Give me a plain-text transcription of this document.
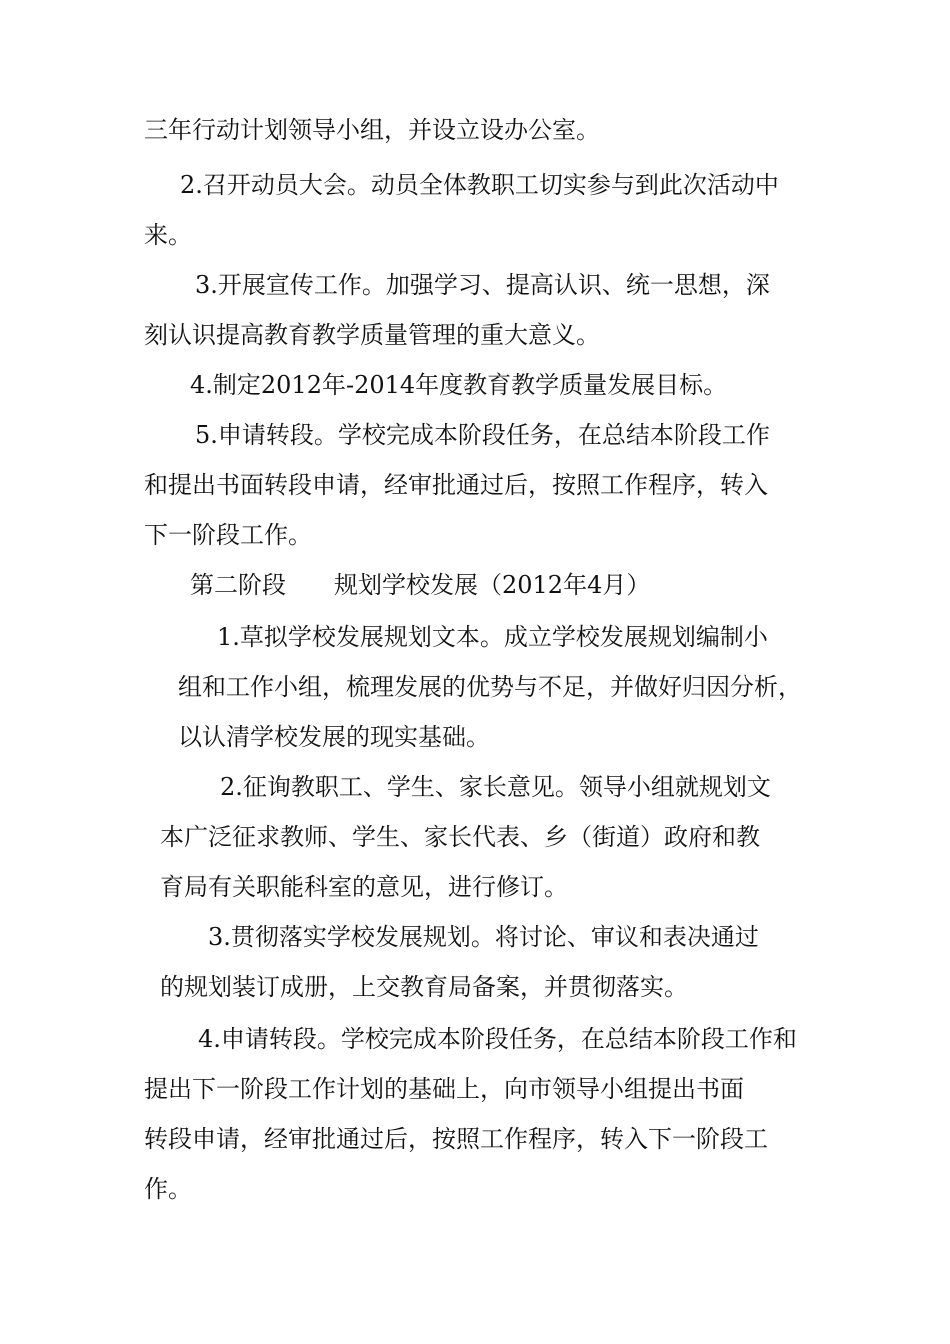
三年行动计划领导小组，并设立设办公室。
2.召开动员大会。动员全体教职工切实参与到此次活动中
来。
3.开展宣传工作。加强学习、提高认识、统一思想，深
刻认识提高教育教学质量管理的重大意义。
4.制定2012年-2014年度教育教学质量发展目标。
5.申请转段。学校完成本阶段任务，在总结本阶段工作
和提出书面转段申请，经审批通过后，按照工作程序，转入
下一阶段工作。
第二阶段　　规划学校发展（2012年4月）
1.草拟学校发展规划文本。成立学校发展规划编制小
组和工作小组，梳理发展的优势与不足，并做好归因分析，
以认清学校发展的现实基础。
2.征询教职工、学生、家长意见。领导小组就规划文
本广泛征求教师、学生、家长代表、乡（街道）政府和教
育局有关职能科室的意见，进行修订。
3.贯彻落实学校发展规划。将讨论、审议和表决通过
的规划装订成册，上交教育局备案，并贯彻落实。
4.申请转段。学校完成本阶段任务，在总结本阶段工作和
提出下一阶段工作计划的基础上，向市领导小组提出书面
转段申请，经审批通过后，按照工作程序，转入下一阶段工
作。
